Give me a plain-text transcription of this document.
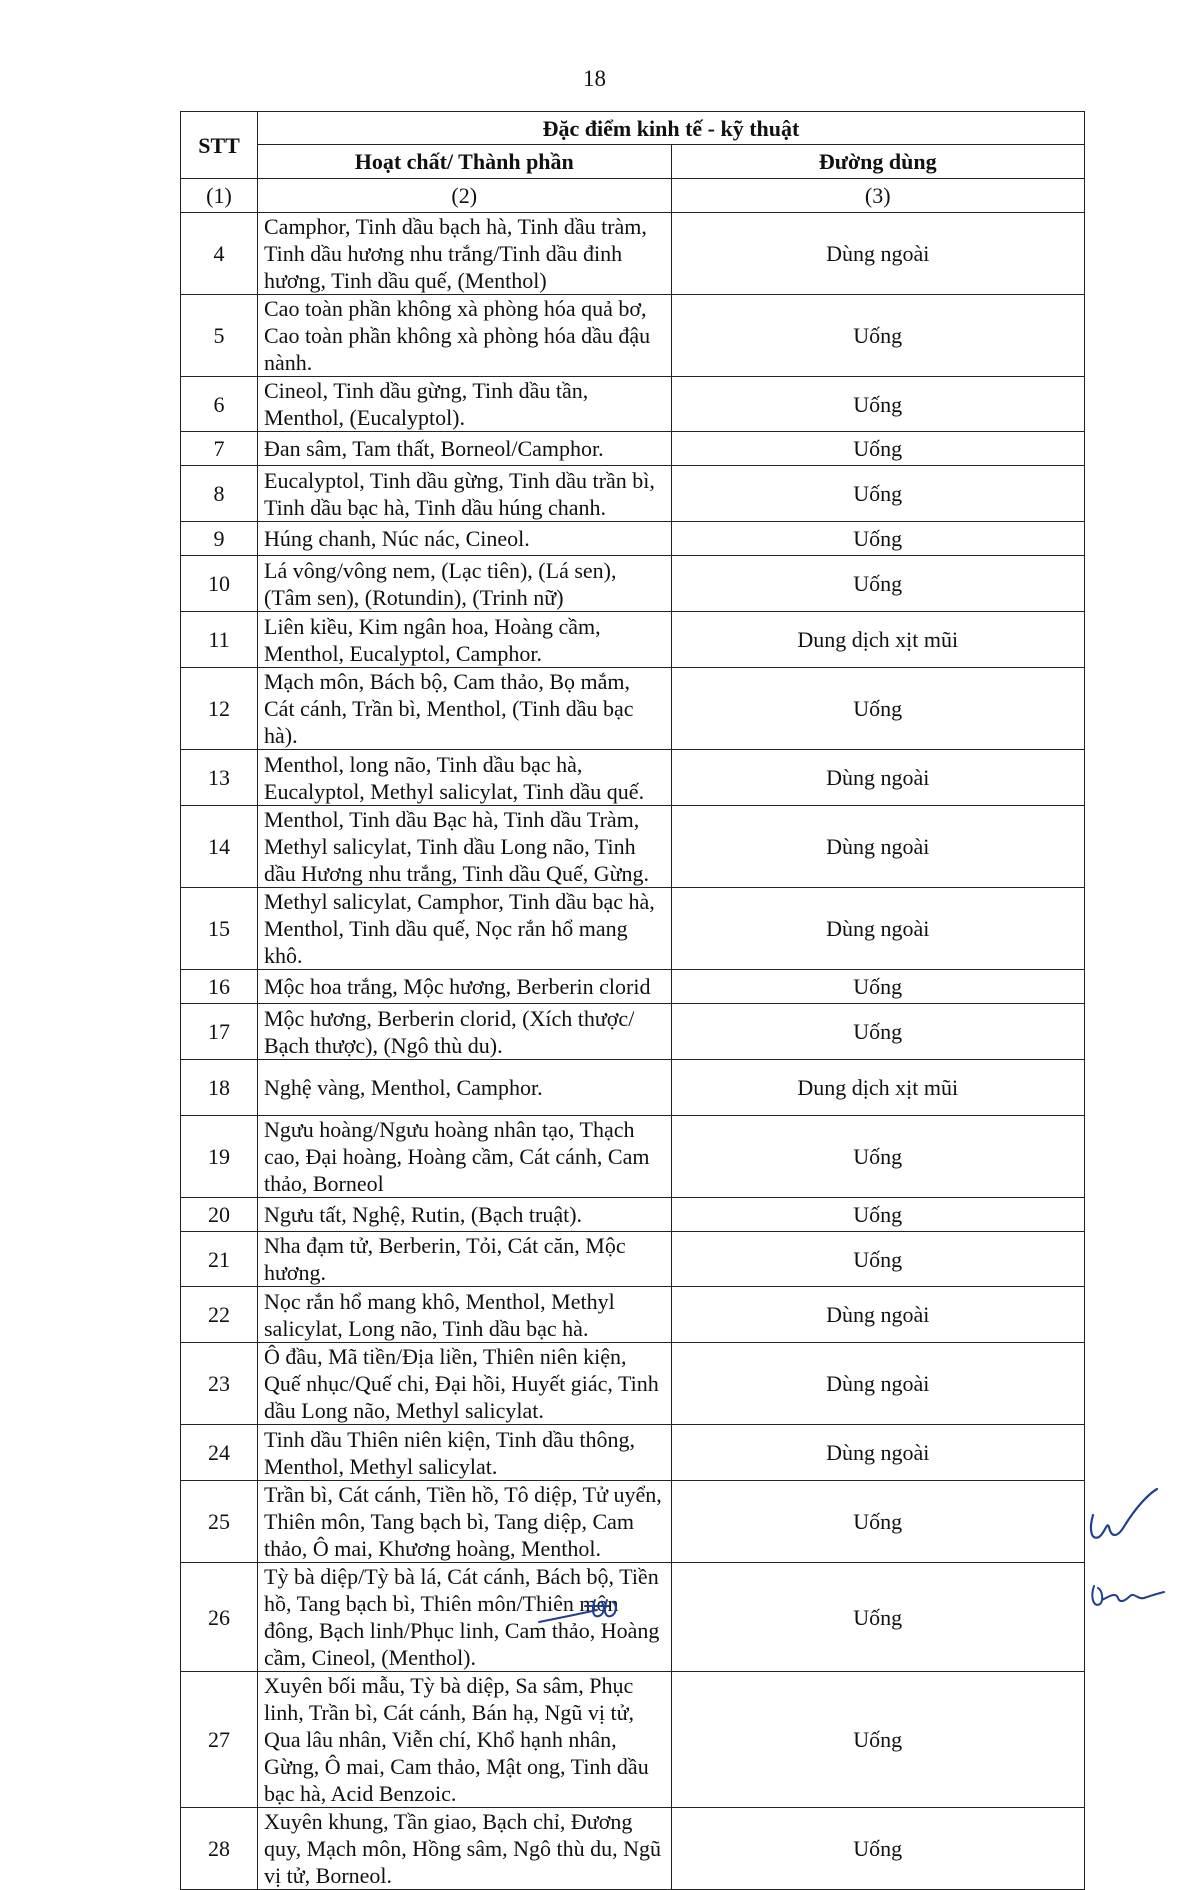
18
STT	Đặc điểm kinh tế - kỹ thuật	
	Hoạt chất/ Thành phần	Đường dùng
(1)	(2)	(3)
4	Camphor, Tinh dầu bạch hà, Tinh dầu tràm, Tinh dầu hương nhu trắng/Tinh dầu đinh hương, Tinh dầu quế, (Menthol)	Dùng ngoài
5	Cao toàn phần không xà phòng hóa quả bơ, Cao toàn phần không xà phòng hóa dầu đậu nành.	Uống
6	Cineol, Tinh dầu gừng, Tinh dầu tần, Menthol, (Eucalyptol).	Uống
7	Đan sâm, Tam thất, Borneol/Camphor.	Uống
8	Eucalyptol, Tinh dầu gừng, Tinh dầu trần bì, Tinh dầu bạc hà, Tinh dầu húng chanh.	Uống
9	Húng chanh, Núc nác, Cineol.	Uống
10	Lá vông/vông nem, (Lạc tiên), (Lá sen), (Tâm sen), (Rotundin), (Trinh nữ)	Uống
11	Liên kiều, Kim ngân hoa, Hoàng cầm, Menthol, Eucalyptol, Camphor.	Dung dịch xịt mũi
12	Mạch môn, Bách bộ, Cam thảo, Bọ mắm, Cát cánh, Trần bì, Menthol, (Tinh dầu bạc hà).	Uống
13	Menthol, long não, Tinh dầu bạc hà, Eucalyptol, Methyl salicylat, Tinh dầu quế.	Dùng ngoài
14	Menthol, Tinh dầu Bạc hà, Tinh dầu Tràm, Methyl salicylat, Tinh dầu Long não, Tinh dầu Hương nhu trắng, Tinh dầu Quế, Gừng.	Dùng ngoài
15	Methyl salicylat, Camphor, Tinh dầu bạc hà, Menthol, Tinh dầu quế, Nọc rắn hổ mang khô.	Dùng ngoài
16	Mộc hoa trắng, Mộc hương, Berberin clorid	Uống
17	Mộc hương, Berberin clorid, (Xích thược/ Bạch thược), (Ngô thù du).	Uống
18	Nghệ vàng, Menthol, Camphor.	Dung dịch xịt mũi
19	Ngưu hoàng/Ngưu hoàng nhân tạo, Thạch cao, Đại hoàng, Hoàng cầm, Cát cánh, Cam thảo, Borneol	Uống
20	Ngưu tất, Nghệ, Rutin, (Bạch truật).	Uống
21	Nha đạm tử, Berberin, Tỏi, Cát căn, Mộc hương.	Uống
22	Nọc rắn hổ mang khô, Menthol, Methyl salicylat, Long não, Tinh dầu bạc hà.	Dùng ngoài
23	Ô đầu, Mã tiền/Địa liền, Thiên niên kiện, Quế nhục/Quế chi, Đại hồi, Huyết giác, Tinh dầu Long não, Methyl salicylat.	Dùng ngoài
24	Tinh dầu Thiên niên kiện, Tinh dầu thông, Menthol, Methyl salicylat.	Dùng ngoài
25	Trần bì, Cát cánh, Tiền hồ, Tô diệp, Tử uyển, Thiên môn, Tang bạch bì, Tang diệp, Cam thảo, Ô mai, Khương hoàng, Menthol.	Uống
26	Tỳ bà diệp/Tỳ bà lá, Cát cánh, Bách bộ, Tiền hồ, Tang bạch bì, Thiên môn/Thiên môn đông, Bạch linh/Phục linh, Cam thảo, Hoàng cầm, Cineol, (Menthol).	Uống
27	Xuyên bối mẫu, Tỳ bà diệp, Sa sâm, Phục linh, Trần bì, Cát cánh, Bán hạ, Ngũ vị tử, Qua lâu nhân, Viễn chí, Khổ hạnh nhân, Gừng, Ô mai, Cam thảo, Mật ong, Tinh dầu bạc hà, Acid Benzoic.	Uống
28	Xuyên khung, Tần giao, Bạch chỉ, Đương quy, Mạch môn, Hồng sâm, Ngô thù du, Ngũ vị tử, Borneol.	Uống
